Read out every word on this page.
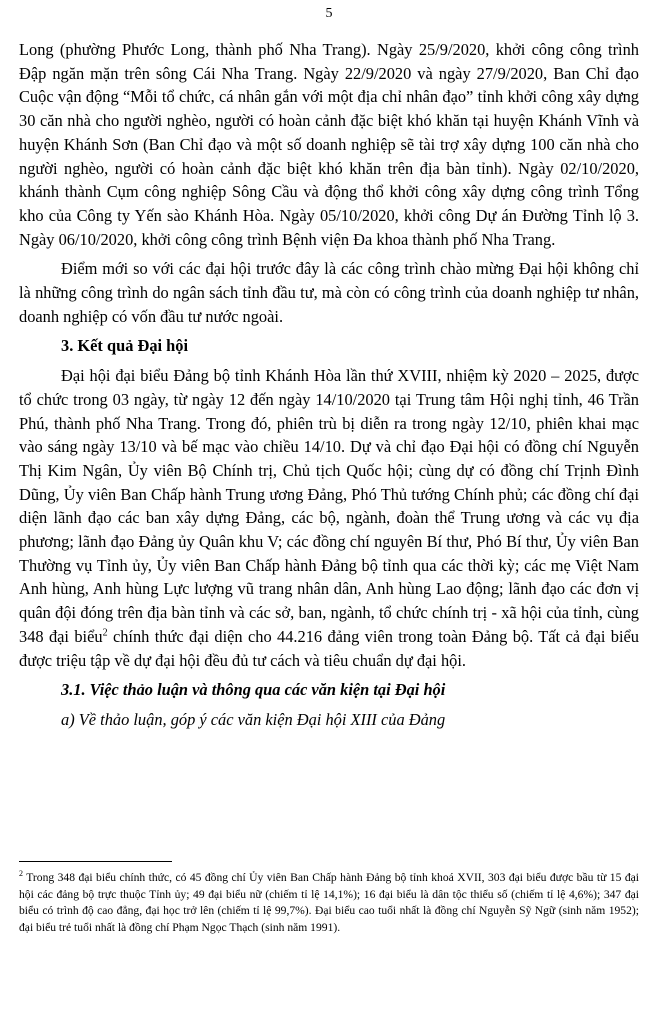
5

Long (phường Phước Long, thành phố Nha Trang). Ngày 25/9/2020, khởi công công trình Đập ngăn mặn trên sông Cái Nha Trang. Ngày 22/9/2020 và ngày 27/9/2020, Ban Chỉ đạo Cuộc vận động “Mỗi tổ chức, cá nhân gắn với một địa chỉ nhân đạo” tỉnh khởi công xây dựng 30 căn nhà cho người nghèo, người có hoàn cảnh đặc biệt khó khăn tại huyện Khánh Vĩnh và huyện Khánh Sơn (Ban Chỉ đạo và một số doanh nghiệp sẽ tài trợ xây dựng 100 căn nhà cho người nghèo, người có hoàn cảnh đặc biệt khó khăn trên địa bàn tỉnh). Ngày 02/10/2020, khánh thành Cụm công nghiệp Sông Cầu và động thổ khởi công xây dựng công trình Tổng kho của Công ty Yến sào Khánh Hòa. Ngày 05/10/2020, khởi công Dự án Đường Tỉnh lộ 3. Ngày 06/10/2020, khởi công công trình Bệnh viện Đa khoa thành phố Nha Trang.

Điểm mới so với các đại hội trước đây là các công trình chào mừng Đại hội không chỉ là những công trình do ngân sách tỉnh đầu tư, mà còn có công trình của doanh nghiệp tư nhân, doanh nghiệp có vốn đầu tư nước ngoài.

3. Kết quả Đại hội

Đại hội đại biểu Đảng bộ tỉnh Khánh Hòa lần thứ XVIII, nhiệm kỳ 2020 – 2025, được tổ chức trong 03 ngày, từ ngày 12 đến ngày 14/10/2020 tại Trung tâm Hội nghị tỉnh, 46 Trần Phú, thành phố Nha Trang. Trong đó, phiên trù bị diễn ra trong ngày 12/10, phiên khai mạc vào sáng ngày 13/10 và bế mạc vào chiều 14/10. Dự và chỉ đạo Đại hội có đồng chí Nguyễn Thị Kim Ngân, Ủy viên Bộ Chính trị, Chủ tịch Quốc hội; cùng dự có đồng chí Trịnh Đình Dũng, Ủy viên Ban Chấp hành Trung ương Đảng, Phó Thủ tướng Chính phủ; các đồng chí đại diện lãnh đạo các ban xây dựng Đảng, các bộ, ngành, đoàn thể Trung ương và các vụ địa phương; lãnh đạo Đảng ủy Quân khu V; các đồng chí nguyên Bí thư, Phó Bí thư, Ủy viên Ban Thường vụ Tỉnh ủy, Ủy viên Ban Chấp hành Đảng bộ tỉnh qua các thời kỳ; các mẹ Việt Nam Anh hùng, Anh hùng Lực lượng vũ trang nhân dân, Anh hùng Lao động; lãnh đạo các đơn vị quân đội đóng trên địa bàn tỉnh và các sở, ban, ngành, tổ chức chính trị - xã hội của tỉnh, cùng 348 đại biểu$^2$ chính thức đại diện cho 44.216 đảng viên trong toàn Đảng bộ. Tất cả đại biểu được triệu tập về dự đại hội đều đủ tư cách và tiêu chuẩn dự đại hội.

3.1. Việc thảo luận và thông qua các văn kiện tại Đại hội

a) Về thảo luận, góp ý các văn kiện Đại hội XIII của Đảng

$^2$ Trong 348 đại biểu chính thức, có 45 đồng chí Ủy viên Ban Chấp hành Đảng bộ tỉnh khoá XVII, 303 đại biểu được bầu từ 15 đại hội các đảng bộ trực thuộc Tỉnh ủy; 49 đại biểu nữ (chiếm tỉ lệ 14,1%); 16 đại biểu là dân tộc thiểu số (chiếm tỉ lệ 4,6%); 347 đại biểu có trình độ cao đẳng, đại học trở lên (chiếm tỉ lệ 99,7%). Đại biểu cao tuổi nhất là đồng chí Nguyễn Sỹ Ngữ (sinh năm 1952); đại biểu trẻ tuổi nhất là đồng chí Phạm Ngọc Thạch (sinh năm 1991).
